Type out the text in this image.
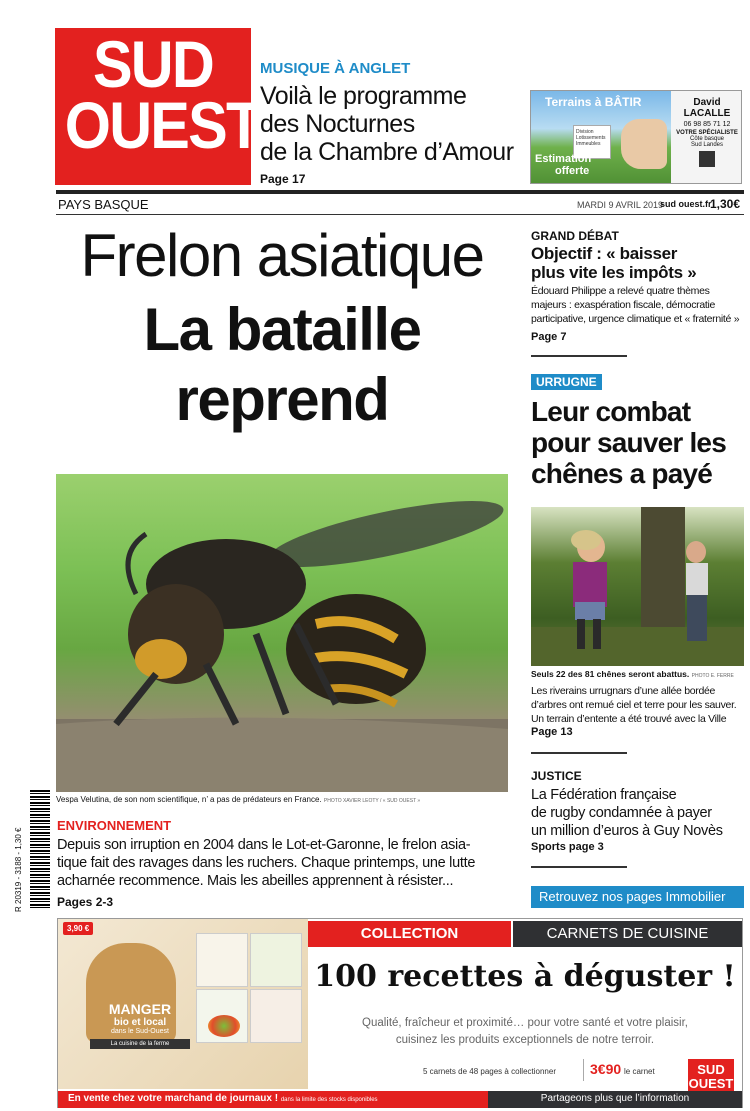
SUD
OUEST
MUSIQUE À ANGLET
Voilà le programme
des Nocturnes
de la Chambre d’Amour
Page 17
Terrains à BÂTIR
Division
Lotissements
Immeubles
Estimation
offerte
David
LACALLE
06 98 85 71 12
VOTRE SPÉCIALISTE
Côte basque
Sud Landes
PAYS BASQUE	MARDI 9 AVRIL 2019
sud ouest.fr
1,30€
Frelon asiatique
La bataille
reprend
Vespa Velutina, de son nom scientifique, n’ a pas de prédateurs en France. PHOTO XAVIER LEOTY / « SUD OUEST »
R 20319 - 3188 - 1,30 €
ENVIRONNEMENT
Depuis son irruption en 2004 dans le Lot-et-Garonne, le frelon asia-
tique fait des ravages dans les ruchers. Chaque printemps, une lutte
acharnée recommence. Mais les abeilles apprennent à résister...
Pages 2-3
GRAND DÉBAT
Objectif : « baisser
plus vite les impôts »
Édouard Philippe a relevé quatre thèmes
majeurs : exaspération fiscale, démocratie
participative, urgence climatique et « fraternité »
Page 7
URRUGNE
Leur combat
pour sauver les
chênes a payé
Seuls 22 des 81 chênes seront abattus. PHOTO E. FERRE
Les riverains urrugnars d’une allée bordée
d’arbres ont remué ciel et terre pour les sauver.
Un terrain d’entente a été trouvé avec la Ville
Page 13
JUSTICE
La Fédération française
de rugby condamnée à payer
un million d’euros à Guy Novès
Sports page 3
Retrouvez nos pages Immobilier
3,90 €
MANGER
bio et local
dans le Sud-Ouest
La cuisine de la ferme
COLLECTION	CARNETS DE CUISINE
100 recettes à déguster !
Qualité, fraîcheur et proximité… pour votre santé et votre plaisir,
cuisinez les produits exceptionnels de notre terroir.
5 carnets de 48 pages à collectionner 3€90 le carnet	SUD
OUEST
En vente chez votre marchand de journaux ! dans la limite des stocks disponibles	Partageons plus que l’information
